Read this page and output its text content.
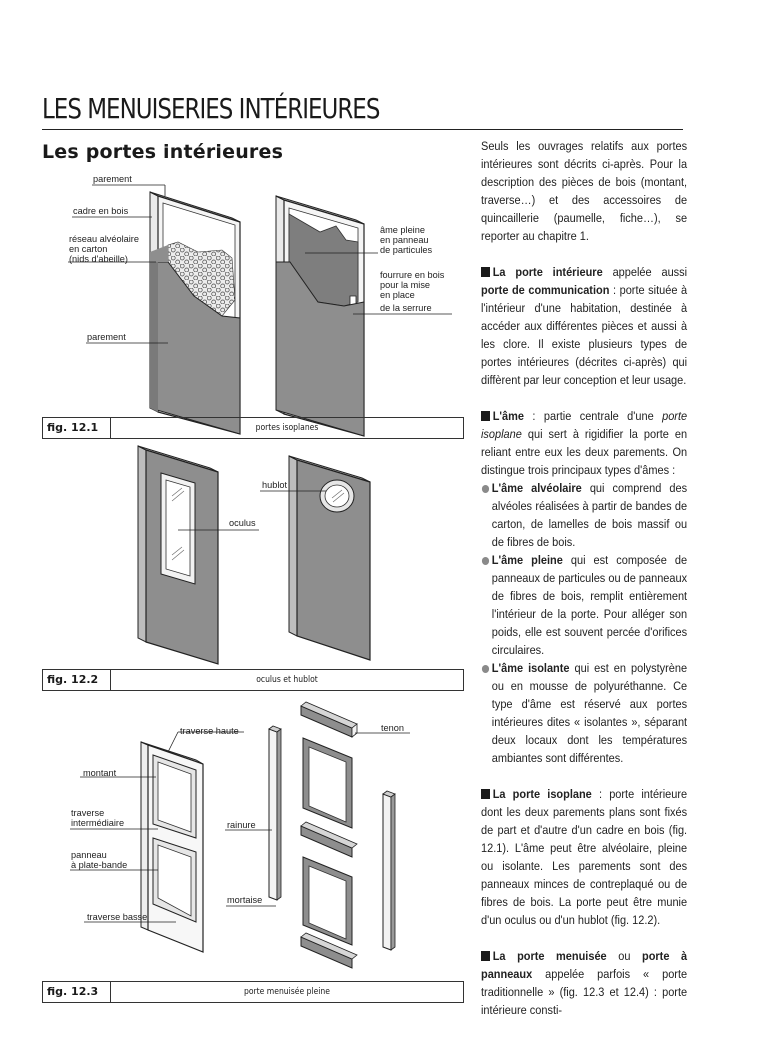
LES MENUISERIES INTÉRIEURES
Les portes intérieures
parement
cadre en bois
réseau alvéolaire
en carton
(nids d'abeille)
parement
âme pleine
en panneau
de particules
fourrure en bois
pour la mise
en place
de la serrure
hublot
oculus
traverse haute
montant
traverse
intermédiaire
panneau
à plate-bande
traverse basse
rainure
mortaise
tenon
fig. 12.1	portes isoplanes
fig. 12.2	oculus et hublot
fig. 12.3	porte menuisée pleine

Seuls les ouvrages relatifs aux portes intérieures sont décrits ci-après. Pour la description des pièces de bois (montant, traverse…) et des accessoires de quincaillerie (paumelle, fiche…), se reporter au chapitre 1.

La porte intérieure appelée aussi porte de communication : porte située à l'intérieur d'une habitation, destinée à accéder aux différentes pièces et aussi à les clore. Il existe plusieurs types de portes intérieures (décrites ci-après) qui diffèrent par leur conception et leur usage.

L'âme : partie centrale d'une porte isoplane qui sert à rigidifier la porte en reliant entre eux les deux parements. On distingue trois principaux types d'âmes :

L'âme alvéolaire qui comprend des alvéoles réalisées à partir de bandes de carton, de lamelles de bois massif ou de fibres de bois.
L'âme pleine qui est composée de panneaux de particules ou de panneaux de fibres de bois, remplit entièrement l'intérieur de la porte. Pour alléger son poids, elle est souvent percée d'orifices circulaires.
L'âme isolante qui est en polystyrène ou en mousse de polyuréthanne. Ce type d'âme est réservé aux portes intérieures dites « isolantes », séparant deux locaux dont les températures ambiantes sont différentes.

La porte isoplane : porte intérieure dont les deux parements plans sont fixés de part et d'autre d'un cadre en bois (fig. 12.1). L'âme peut être alvéolaire, pleine ou isolante. Les parements sont des panneaux minces de contreplaqué ou de fibres de bois. La porte peut être munie d'un oculus ou d'un hublot (fig. 12.2).

La porte menuisée ou porte à panneaux appelée parfois « porte traditionnelle » (fig. 12.3 et 12.4) : porte intérieure consti-
